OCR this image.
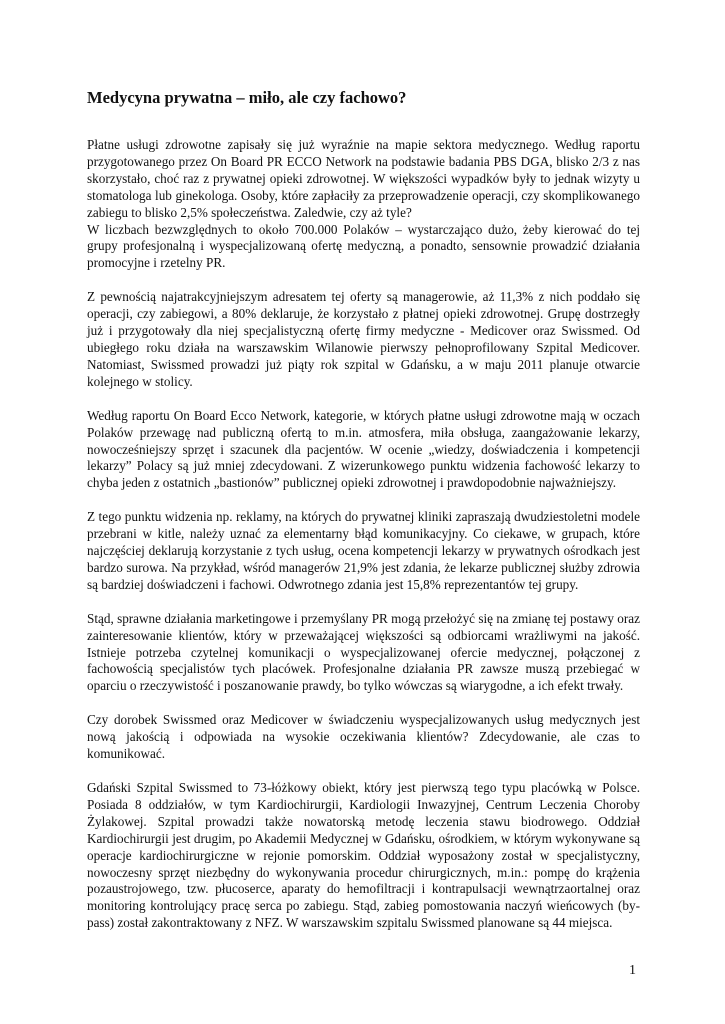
Medycyna prywatna – miło, ale czy fachowo?

Płatne usługi zdrowotne zapisały się już wyraźnie na mapie sektora medycznego. Według raportu przygotowanego przez On Board PR ECCO Network na podstawie badania PBS DGA, blisko 2/3 z nas skorzystało, choć raz z prywatnej opieki zdrowotnej. W większości wypadków były to jednak wizyty u stomatologa lub ginekologa. Osoby, które zapłaciły za przeprowadzenie operacji, czy skomplikowanego zabiegu to blisko 2,5% społeczeństwa. Zaledwie, czy aż tyle?

W liczbach bezwzględnych to około 700.000 Polaków – wystarczająco dużo, żeby kierować do tej grupy profesjonalną i wyspecjalizowaną ofertę medyczną, a ponadto, sensownie prowadzić działania promocyjne i rzetelny PR.

Z pewnością najatrakcyjniejszym adresatem tej oferty są managerowie, aż 11,3% z nich poddało się operacji, czy zabiegowi, a 80% deklaruje, że korzystało z płatnej opieki zdrowotnej. Grupę dostrzegły już i przygotowały dla niej specjalistyczną ofertę firmy medyczne - Medicover oraz Swissmed. Od ubiegłego roku działa na warszawskim Wilanowie pierwszy pełnoprofilowany Szpital Medicover. Natomiast, Swissmed prowadzi już piąty rok szpital w Gdańsku, a w maju 2011 planuje otwarcie kolejnego w stolicy.

Według raportu On Board Ecco Network, kategorie, w których płatne usługi zdrowotne mają w oczach Polaków przewagę nad publiczną ofertą to m.in. atmosfera, miła obsługa, zaangażowanie lekarzy, nowocześniejszy sprzęt i szacunek dla pacjentów. W ocenie „wiedzy, doświadczenia i kompetencji lekarzy” Polacy są już mniej zdecydowani. Z wizerunkowego punktu widzenia fachowość lekarzy to chyba jeden z ostatnich „bastionów” publicznej opieki zdrowotnej i prawdopodobnie najważniejszy.

Z tego punktu widzenia np. reklamy, na których do prywatnej kliniki zapraszają dwudziestoletni modele przebrani w kitle, należy uznać za elementarny błąd komunikacyjny. Co ciekawe, w grupach, które najczęściej deklarują korzystanie z tych usług, ocena kompetencji lekarzy w prywatnych ośrodkach jest bardzo surowa. Na przykład, wśród managerów 21,9% jest zdania, że lekarze publicznej służby zdrowia są bardziej doświadczeni i fachowi. Odwrotnego zdania jest 15,8% reprezentantów tej grupy.

Stąd, sprawne działania marketingowe i przemyślany PR mogą przełożyć się na zmianę tej postawy oraz zainteresowanie klientów, który w przeważającej większości są odbiorcami wrażliwymi na jakość. Istnieje potrzeba czytelnej komunikacji o wyspecjalizowanej ofercie medycznej, połączonej z fachowością specjalistów tych placówek. Profesjonalne działania PR zawsze muszą przebiegać w oparciu o rzeczywistość i poszanowanie prawdy, bo tylko wówczas są wiarygodne, a ich efekt trwały.

Czy dorobek Swissmed oraz Medicover w świadczeniu wyspecjalizowanych usług medycznych jest nową jakością i odpowiada na wysokie oczekiwania klientów? Zdecydowanie, ale czas to komunikować.

Gdański Szpital Swissmed to 73-łóżkowy obiekt, który jest pierwszą tego typu placówką w Polsce. Posiada 8 oddziałów, w tym Kardiochirurgii, Kardiologii Inwazyjnej, Centrum Leczenia Choroby Żylakowej. Szpital prowadzi także nowatorską metodę leczenia stawu biodrowego. Oddział Kardiochirurgii jest drugim, po Akademii Medycznej w Gdańsku, ośrodkiem, w którym wykonywane są operacje kardiochirurgiczne w rejonie pomorskim. Oddział wyposażony został w specjalistyczny, nowoczesny sprzęt niezbędny do wykonywania procedur chirurgicznych, m.in.: pompę do krążenia pozaustrojowego, tzw. płucoserce, aparaty do hemofiltracji i kontrapulsacji wewnątrzaortalnej oraz monitoring kontrolujący pracę serca po zabiegu. Stąd, zabieg pomostowania naczyń wieńcowych (by-pass) został zakontraktowany z NFZ. W warszawskim szpitalu Swissmed planowane są 44 miejsca.

1
